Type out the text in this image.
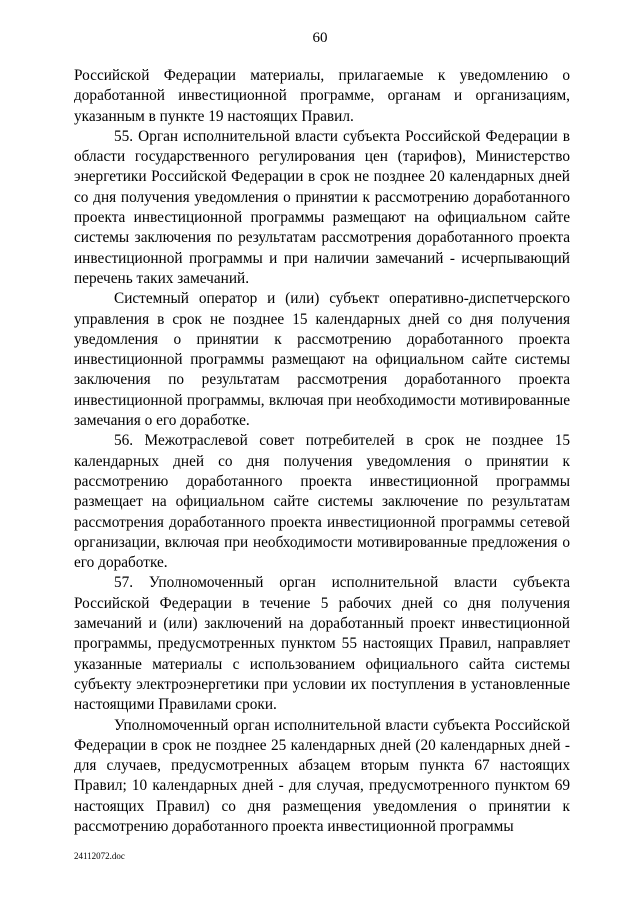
60

Российской Федерации материалы, прилагаемые к уведомлению о доработанной инвестиционной программе, органам и организациям, указанным в пункте 19 настоящих Правил.

55. Орган исполнительной власти субъекта Российской Федерации в области государственного регулирования цен (тарифов), Министерство энергетики Российской Федерации в срок не позднее 20 календарных дней со дня получения уведомления о принятии к рассмотрению доработанного проекта инвестиционной программы размещают на официальном сайте системы заключения по результатам рассмотрения доработанного проекта инвестиционной программы и при наличии замечаний - исчерпывающий перечень таких замечаний.

Системный оператор и (или) субъект оперативно-диспетчерского управления в срок не позднее 15 календарных дней со дня получения уведомления о принятии к рассмотрению доработанного проекта инвестиционной программы размещают на официальном сайте системы заключения по результатам рассмотрения доработанного проекта инвестиционной программы, включая при необходимости мотивированные замечания о его доработке.

56. Межотраслевой совет потребителей в срок не позднее 15 календарных дней со дня получения уведомления о принятии к рассмотрению доработанного проекта инвестиционной программы размещает на официальном сайте системы заключение по результатам рассмотрения доработанного проекта инвестиционной программы сетевой организации, включая при необходимости мотивированные предложения о его доработке.

57. Уполномоченный орган исполнительной власти субъекта Российской Федерации в течение 5 рабочих дней со дня получения замечаний и (или) заключений на доработанный проект инвестиционной программы, предусмотренных пунктом 55 настоящих Правил, направляет указанные материалы с использованием официального сайта системы субъекту электроэнергетики при условии их поступления в установленные настоящими Правилами сроки.

Уполномоченный орган исполнительной власти субъекта Российской Федерации в срок не позднее 25 календарных дней (20 календарных дней - для случаев, предусмотренных абзацем вторым пункта 67 настоящих Правил; 10 календарных дней - для случая, предусмотренного пунктом 69 настоящих Правил) со дня размещения уведомления о принятии к рассмотрению доработанного проекта инвестиционной программы

24112072.doc
